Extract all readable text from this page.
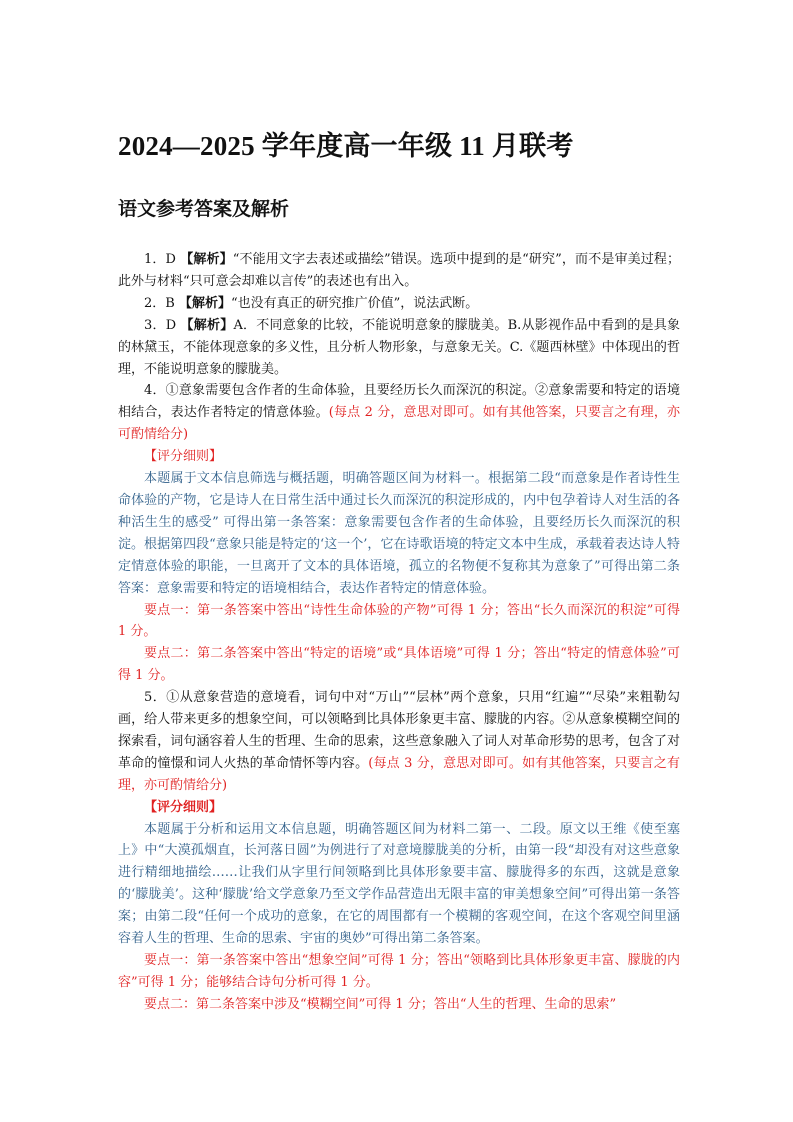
2024—2025 学年度高一年级 11 月联考
语文参考答案及解析

1．D 【解析】“不能用文字去表述或描绘”错误。选项中提到的是“研究”，而不是审美过程；此外与材料“只可意会却难以言传”的表述也有出入。

2．B 【解析】“也没有真正的研究推广价值”，说法武断。

3．D 【解析】A．不同意象的比较，不能说明意象的朦胧美。B.从影视作品中看到的是具象的林黛玉，不能体现意象的多义性，且分析人物形象，与意象无关。C.《题西林壁》中体现出的哲理，不能说明意象的朦胧美。

4．①意象需要包含作者的生命体验，且要经历长久而深沉的积淀。②意象需要和特定的语境相结合，表达作者特定的情意体验。(每点 2 分，意思对即可。如有其他答案，只要言之有理，亦可酌情给分)

【评分细则】

本题属于文本信息筛选与概括题，明确答题区间为材料一。根据第二段“而意象是作者诗性生命体验的产物，它是诗人在日常生活中通过长久而深沉的积淀形成的，内中包孕着诗人对生活的各种活生生的感受” 可得出第一条答案：意象需要包含作者的生命体验，且要经历长久而深沉的积淀。根据第四段“意象只能是特定的‘这一个’，它在诗歌语境的特定文本中生成，承载着表达诗人特定情意体验的职能，一旦离开了文本的具体语境，孤立的名物便不复称其为意象了”可得出第二条答案：意象需要和特定的语境相结合，表达作者特定的情意体验。

要点一：第一条答案中答出“诗性生命体验的产物”可得 1 分；答出“长久而深沉的积淀”可得 1 分。

要点二：第二条答案中答出“特定的语境”或“具体语境”可得 1 分；答出“特定的情意体验”可得 1 分。

5．①从意象营造的意境看，词句中对“万山”“层林”两个意象，只用“红遍”“尽染”来粗勒勾画，给人带来更多的想象空间，可以领略到比具体形象更丰富、朦胧的内容。②从意象模糊空间的探索看，词句涵容着人生的哲理、生命的思索，这些意象融入了词人对革命形势的思考，包含了对革命的憧憬和词人火热的革命情怀等内容。(每点 3 分，意思对即可。如有其他答案，只要言之有理，亦可酌情给分)

【评分细则】

本题属于分析和运用文本信息题，明确答题区间为材料二第一、二段。原文以王维《使至塞上》中“大漠孤烟直，长河落日圆”为例进行了对意境朦胧美的分析，由第一段“却没有对这些意象进行精细地描绘……让我们从字里行间领略到比具体形象要丰富、朦胧得多的东西，这就是意象的‘朦胧美’。这种‘朦胧’给文学意象乃至文学作品营造出无限丰富的审美想象空间”可得出第一条答案；由第二段“任何一个成功的意象，在它的周围都有一个模糊的客观空间，在这个客观空间里涵容着人生的哲理、生命的思索、宇宙的奥妙”可得出第二条答案。

要点一：第一条答案中答出“想象空间”可得 1 分；答出“领略到比具体形象更丰富、朦胧的内容”可得 1 分；能够结合诗句分析可得 1 分。

要点二：第二条答案中涉及“模糊空间”可得 1 分；答出“人生的哲理、生命的思索”
